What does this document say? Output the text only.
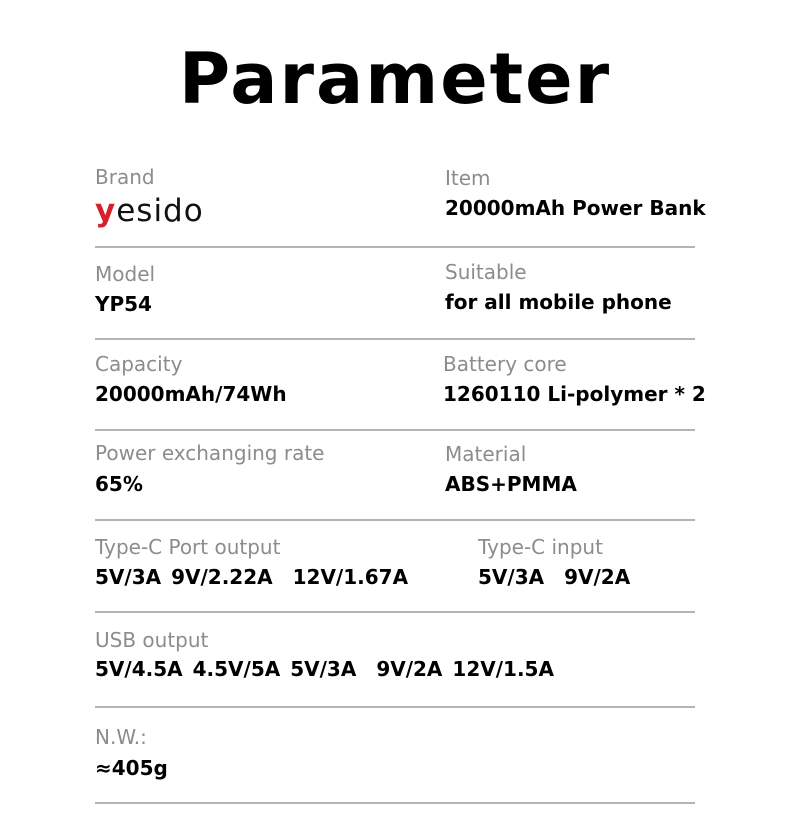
Parameter
Brand
yesido
Item
20000mAh Power Bank
Model
YP54
Suitable
for all mobile phone
Capacity
20000mAh/74Wh
Battery core
1260110 Li-polymer * 2
Power exchanging rate
65%
Material
ABS+PMMA
Type-C Port output
5V/3A 9V/2.22A 12V/1.67A
Type-C input
5V/3A 9V/2A
USB output
5V/4.5A 4.5V/5A 5V/3A 9V/2A 12V/1.5A
N.W.:
≈405g
